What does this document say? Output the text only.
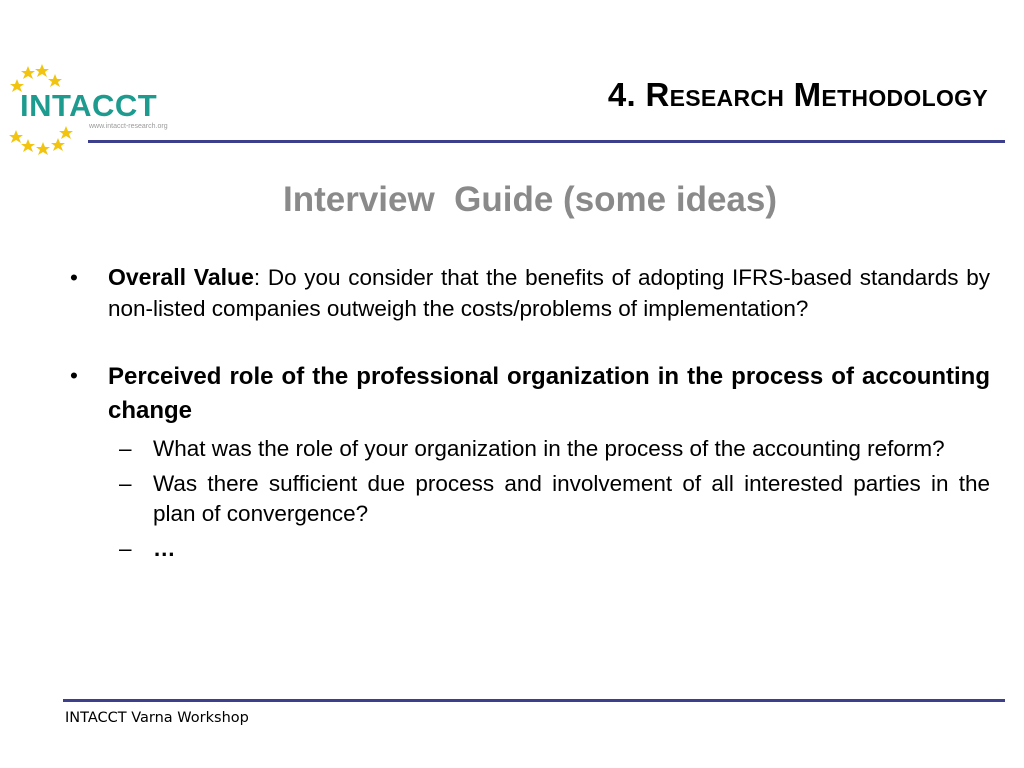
INTACCT
www.intacct-research.org
4. Research Methodology
Interview  Guide (some ideas)
•	Overall Value: Do you consider that the benefits of adopting IFRS-based standards by non-listed companies outweigh the costs/problems of implementation?
•	Perceived role of the professional organization in the process of accounting change
– What was the role of your organization in the process of the accounting reform?
– Was there sufficient due process and involvement of all interested parties in the plan of convergence?
– …
INTACCT Varna Workshop
